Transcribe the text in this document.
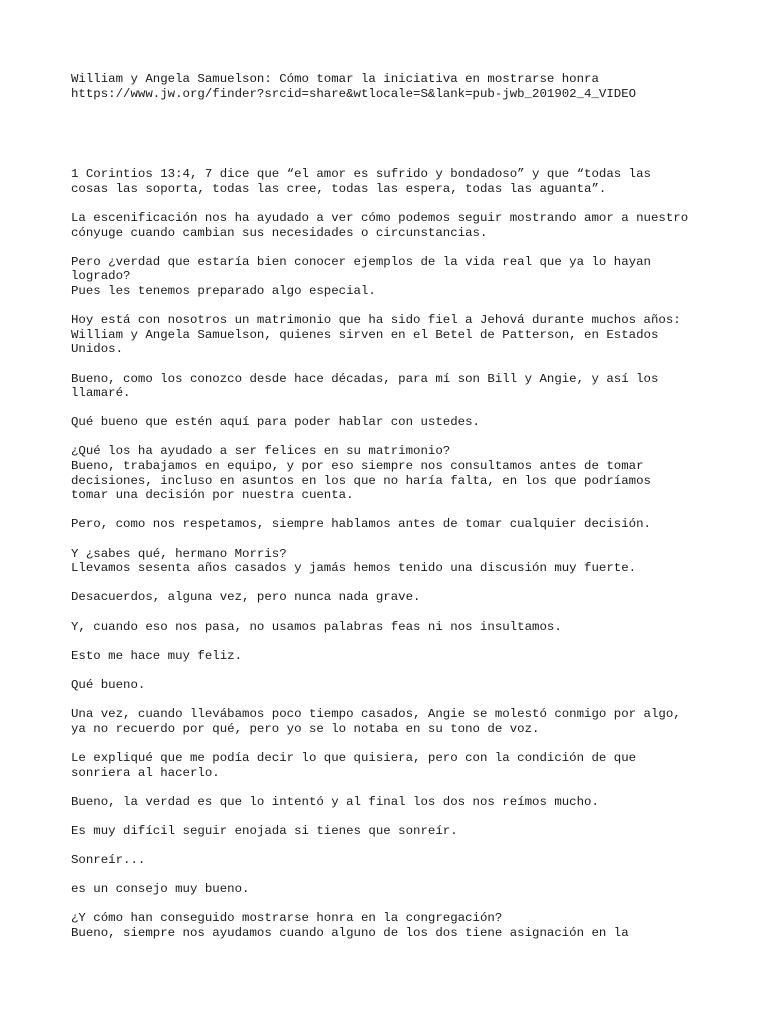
William y Angela Samuelson: Cómo tomar la iniciativa en mostrarse honra

https://www.jw.org/finder?srcid=share&wtlocale=S&lank=pub-jwb_201902_4_VIDEO

1 Corintios 13:4, 7 dice que “el amor es sufrido y bondadoso” y que “todas las
cosas las soporta, todas las cree, todas las espera, todas las aguanta”.

La escenificación nos ha ayudado a ver cómo podemos seguir mostrando amor a nuestro
cónyuge cuando cambian sus necesidades o circunstancias.

Pero ¿verdad que estaría bien conocer ejemplos de la vida real que ya lo hayan
logrado?
Pues les tenemos preparado algo especial.

Hoy está con nosotros un matrimonio que ha sido fiel a Jehová durante muchos años:
William y Angela Samuelson, quienes sirven en el Betel de Patterson, en Estados
Unidos.

Bueno, como los conozco desde hace décadas, para mí son Bill y Angie, y así los
llamaré.

Qué bueno que estén aquí para poder hablar con ustedes.

¿Qué los ha ayudado a ser felices en su matrimonio?
Bueno, trabajamos en equipo, y por eso siempre nos consultamos antes de tomar
decisiones, incluso en asuntos en los que no haría falta, en los que podríamos
tomar una decisión por nuestra cuenta.

Pero, como nos respetamos, siempre hablamos antes de tomar cualquier decisión.

Y ¿sabes qué, hermano Morris?
Llevamos sesenta años casados y jamás hemos tenido una discusión muy fuerte.

Desacuerdos, alguna vez, pero nunca nada grave.

Y, cuando eso nos pasa, no usamos palabras feas ni nos insultamos.

Esto me hace muy feliz.

Qué bueno.

Una vez, cuando llevábamos poco tiempo casados, Angie se molestó conmigo por algo,
ya no recuerdo por qué, pero yo se lo notaba en su tono de voz.

Le expliqué que me podía decir lo que quisiera, pero con la condición de que
sonriera al hacerlo.

Bueno, la verdad es que lo intentó y al final los dos nos reímos mucho.

Es muy difícil seguir enojada si tienes que sonreír.

Sonreír...

es un consejo muy bueno.

¿Y cómo han conseguido mostrarse honra en la congregación?
Bueno, siempre nos ayudamos cuando alguno de los dos tiene asignación en la
